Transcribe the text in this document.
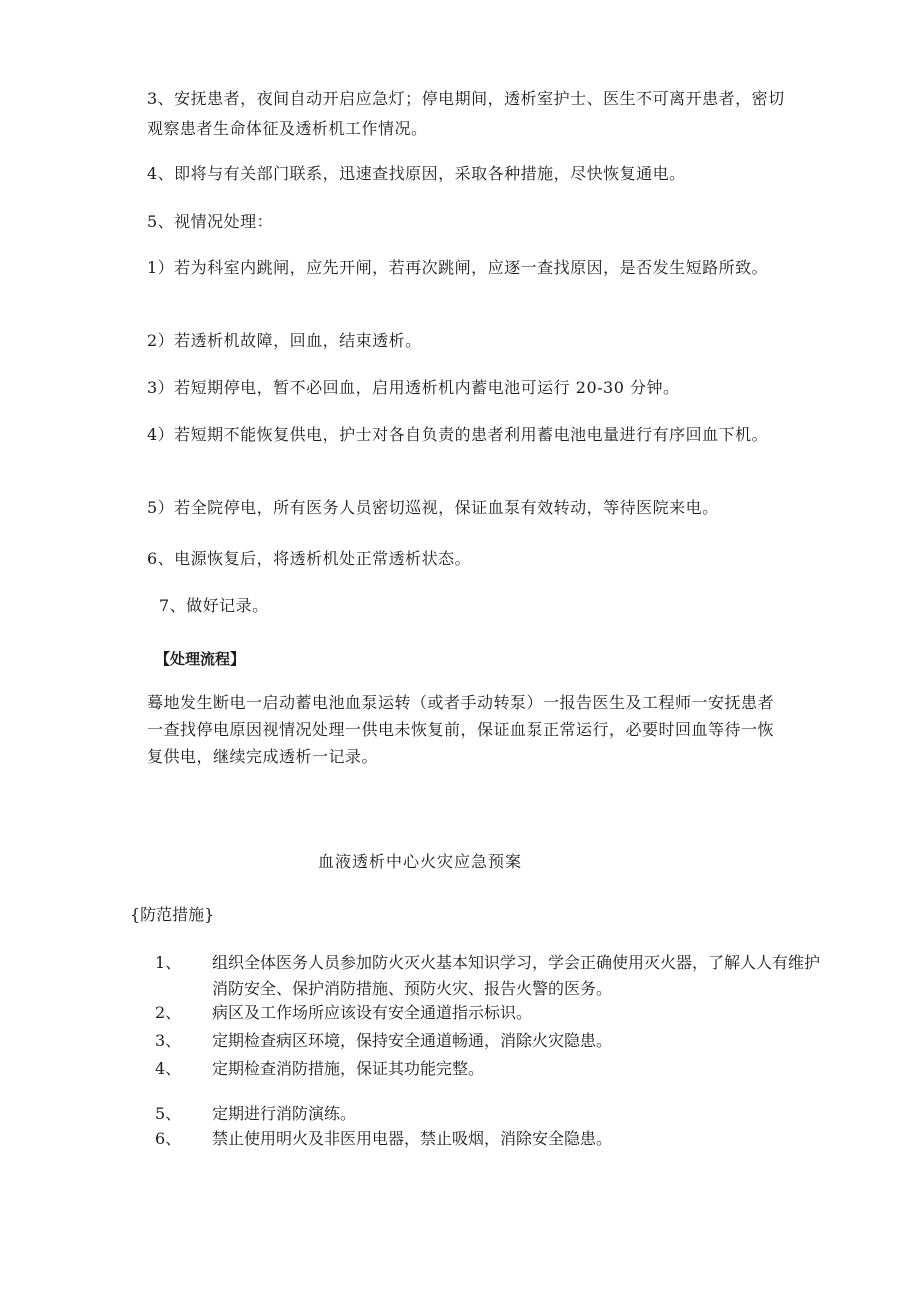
3、安抚患者，夜间自动开启应急灯；停电期间，透析室护士、医生不可离开患者，密切观察患者生命体征及透析机工作情况。

4、即将与有关部门联系，迅速查找原因，采取各种措施，尽快恢复通电。

5、视情况处理：

1）若为科室内跳闸，应先开闸，若再次跳闸，应逐一查找原因，是否发生短路所致。

2）若透析机故障，回血，结束透析。

3）若短期停电，暂不必回血，启用透析机内蓄电池可运行 20-30 分钟。

4）若短期不能恢复供电，护士对各自负责的患者利用蓄电池电量进行有序回血下机。

5）若全院停电，所有医务人员密切巡视，保证血泵有效转动，等待医院来电。

6、电源恢复后，将透析机处正常透析状态。

7、做好记录。

【处理流程】

蓦地发生断电一启动蓄电池血泵运转（或者手动转泵）一报告医生及工程师一安抚患者一查找停电原因视情况处理一供电未恢复前，保证血泵正常运行，必要时回血等待一恢复供电，继续完成透析一记录。

血液透析中心火灾应急预案

{防范措施}

1、	组织全体医务人员参加防火灭火基本知识学习，学会正确使用灭火器，了解人人有维护消防安全、保护消防措施、预防火灾、报告火警的医务。
2、	病区及工作场所应该设有安全通道指示标识。
3、	定期检查病区环境，保持安全通道畅通，消除火灾隐患。
4、	定期检查消防措施，保证其功能完整。
5、	定期进行消防演练。
6、	禁止使用明火及非医用电器，禁止吸烟，消除安全隐患。
